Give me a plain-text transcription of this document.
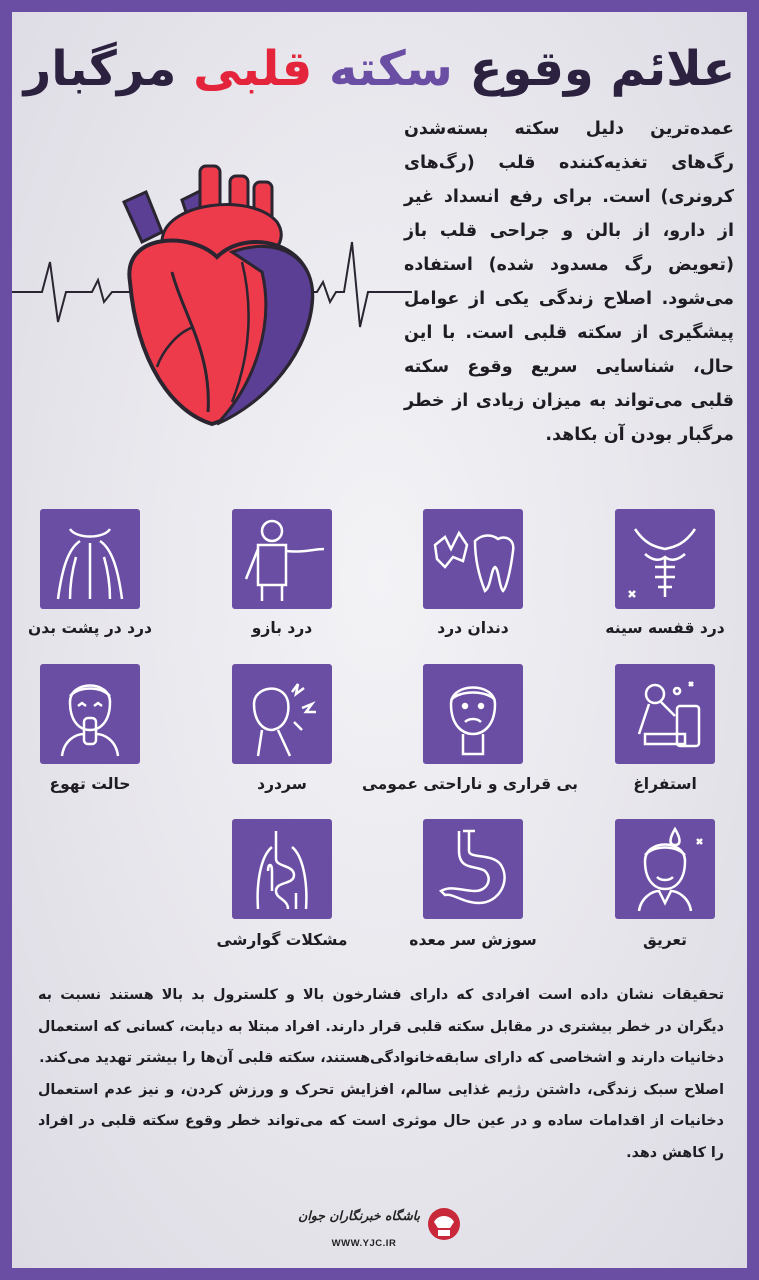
علائم وقوع سکته قلبی مرگبار
عمده‌ترین دلیل سکته بسته‌شدن رگ‌های تغذیه‌کننده قلب (رگ‌های کرونری) است. برای رفع انسداد غیر از دارو، از بالن و جراحی قلب باز (تعویض رگ مسدود شده) استفاده می‌شود. اصلاح زندگی یکی از عوامل پیشگیری از سکته قلبی است. با این حال، شناسایی سریع وقوع سکته قلبی می‌تواند به میزان زیادی از خطر مرگبار بودن آن بکاهد.
درد قفسه سینه
دندان درد
درد بازو
درد در پشت بدن
استفراغ
بی قراری و ناراحتی عمومی
سردرد
حالت تهوع
تعریق
سوزش سر معده
مشکلات گوارشی

تحقیقات نشان داده است افرادی که دارای فشارخون بالا و کلسترول بد بالا هستند نسبت به دیگران در خطر بیشتری در مقابل سکته قلبی قرار دارند. افراد مبتلا به دیابت، کسانی که استعمال دخانیات دارند و اشخاصی که دارای سابقه‌خانوادگی‌هستند، سکته قلبی آن‌ها را بیشتر تهدید می‌کند.

اصلاح سبک زندگی، داشتن رژیم غذایی سالم، افزایش تحرک و ورزش کردن، و نیز عدم استعمال دخانیات از اقدامات ساده و در عین حال موثری است که می‌تواند خطر وقوع سکته قلبی در افراد را کاهش دهد.

باشگاه خبرنگاران جوان
WWW.YJC.IR
